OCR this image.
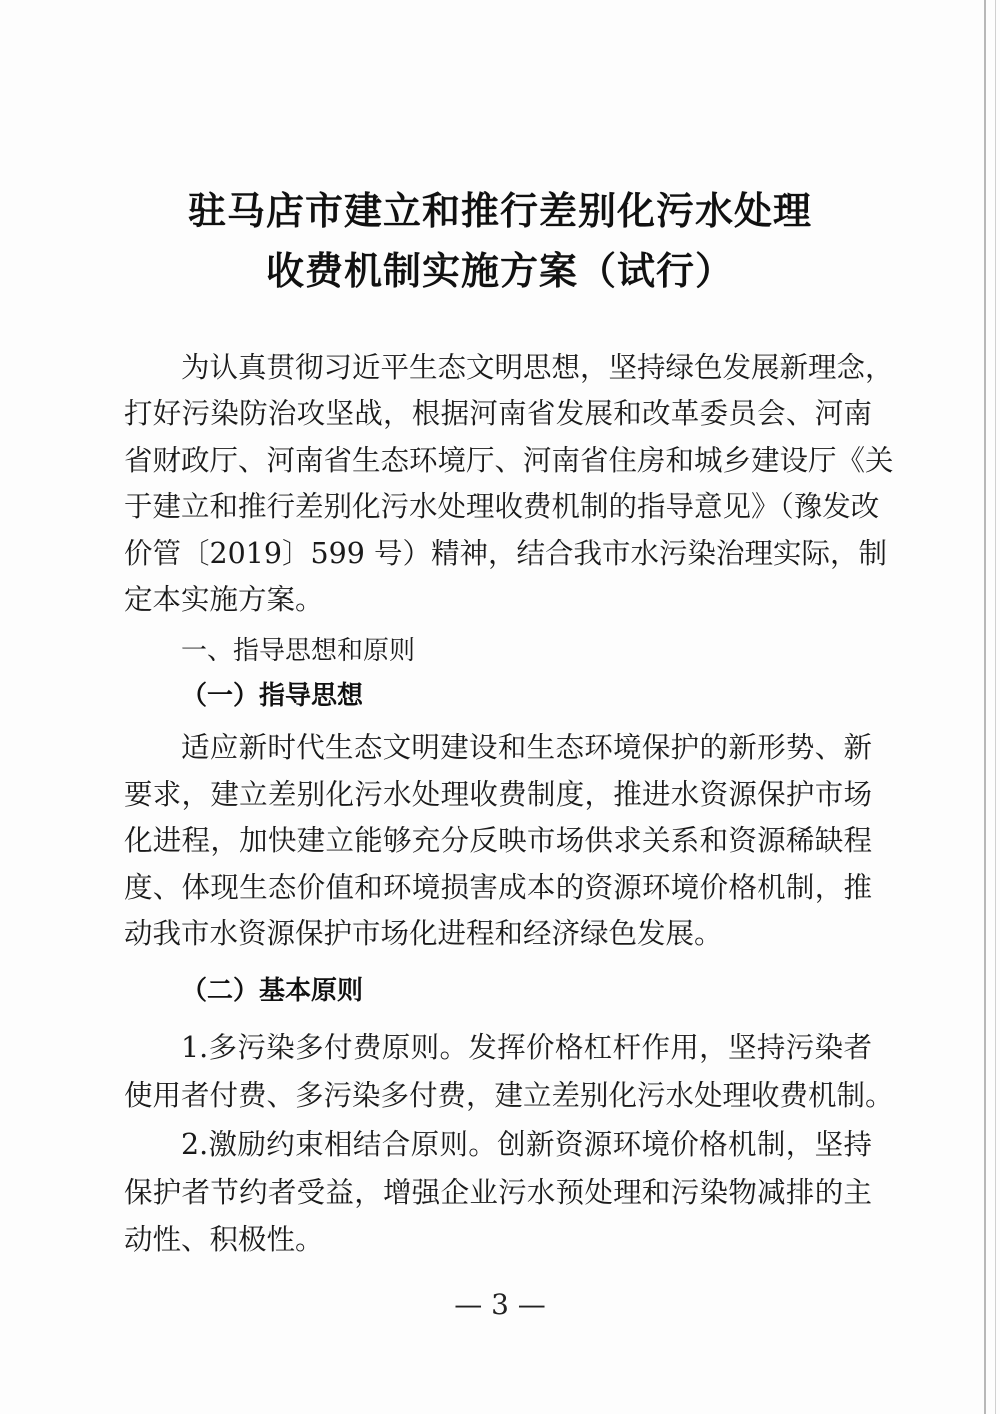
驻马店市建立和推行差别化污水处理
收费机制实施方案（试行）
为认真贯彻习近平生态文明思想，坚持绿色发展新理念，
打好污染防治攻坚战，根据河南省发展和改革委员会、河南
省财政厅、河南省生态环境厅、河南省住房和城乡建设厅《关
于建立和推行差别化污水处理收费机制的指导意见》（豫发改
价管〔2019〕599 号）精神，结合我市水污染治理实际，制
定本实施方案。
一、指导思想和原则
（一）指导思想
适应新时代生态文明建设和生态环境保护的新形势、新
要求，建立差别化污水处理收费制度，推进水资源保护市场
化进程，加快建立能够充分反映市场供求关系和资源稀缺程
度、体现生态价值和环境损害成本的资源环境价格机制，推
动我市水资源保护市场化进程和经济绿色发展。
（二）基本原则
1.多污染多付费原则。发挥价格杠杆作用，坚持污染者
使用者付费、多污染多付费，建立差别化污水处理收费机制。
— 3 —
2.激励约束相结合原则。创新资源环境价格机制，坚持
保护者节约者受益，增强企业污水预处理和污染物减排的主
动性、积极性。
